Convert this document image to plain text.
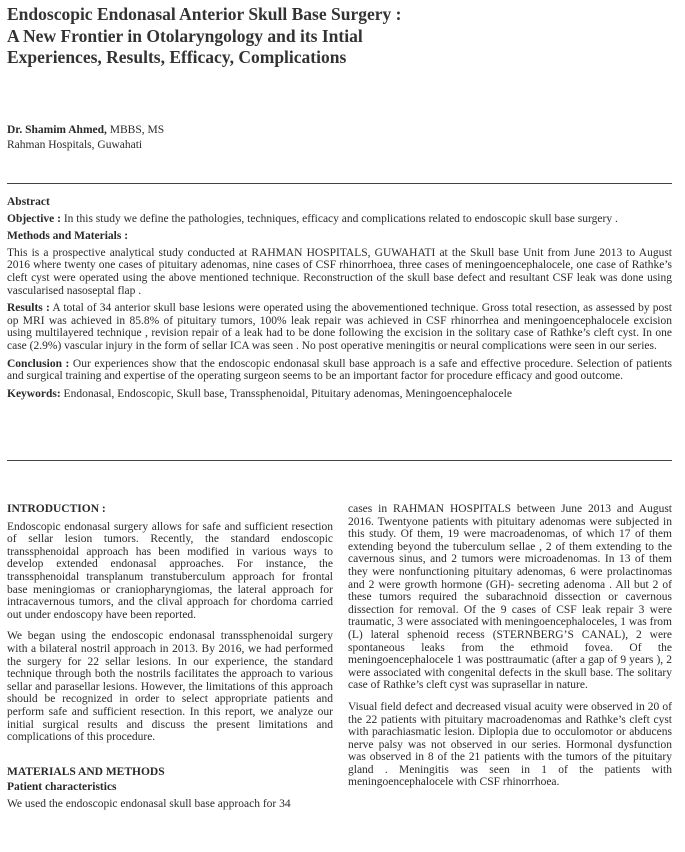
Endoscopic Endonasal Anterior Skull Base Surgery : A New Frontier in Otolaryngology and its Intial Experiences, Results, Efficacy, Complications
Dr. Shamim Ahmed, MBBS, MS
Rahman Hospitals, Guwahati

Abstract

Objective : In this study we define the pathologies, techniques, efficacy and complications related to endoscopic skull base surgery .

Methods and Materials :

This is a prospective analytical study conducted at RAHMAN HOSPITALS, GUWAHATI at the Skull base Unit from June 2013 to August 2016 where twenty one cases of pituitary adenomas, nine cases of CSF rhinorrhoea, three cases of meningoencephalocele, one case of Rathke’s cleft cyst were operated using the above mentioned technique. Reconstruction of the skull base defect and resultant CSF leak was done using vascularised nasoseptal flap .

Results : A total of 34 anterior skull base lesions were operated using the abovementioned technique. Gross total resection, as assessed by post op MRI was achieved in 85.8% of pituitary tumors, 100% leak repair was achieved in CSF rhinorrhea and meningoencephalocele excision using multilayered technique , revision repair of a leak had to be done following the excision in the solitary case of Rathke’s cleft cyst. In one case (2.9%) vascular injury in the form of sellar ICA was seen . No post operative meningitis or neural complications were seen in our series.

Conclusion : Our experiences show that the endoscopic endonasal skull base approach is a safe and effective procedure. Selection of patients and surgical training and expertise of the operating surgeon seems to be an important factor for procedure efficacy and good outcome.

Keywords: Endonasal, Endoscopic, Skull base, Transsphenoidal, Pituitary adenomas, Meningoencephalocele

INTRODUCTION :

Endoscopic endonasal surgery allows for safe and sufficient resection of sellar lesion tumors. Recently, the standard endoscopic transsphenoidal approach has been modified in various ways to develop extended endonasal approaches. For instance, the transsphenoidal transplanum transtuberculum approach for frontal base meningiomas or craniopharyngiomas, the lateral approach for intracavernous tumors, and the clival approach for chordoma carried out under endoscopy have been reported.

We began using the endoscopic endonasal transsphenoidal surgery with a bilateral nostril approach in 2013. By 2016, we had performed the surgery for 22 sellar lesions. In our experience, the standard technique through both the nostrils facilitates the approach to various sellar and parasellar lesions. However, the limitations of this approach should be recognized in order to select appropriate patients and perform safe and sufficient resection. In this report, we analyze our initial surgical results and discuss the present limitations and complications of this procedure.

MATERIALS AND METHODS

Patient characteristics

We used the endoscopic endonasal skull base approach for 34

cases in RAHMAN HOSPITALS between June 2013 and August 2016. Twentyone patients with pituitary adenomas were subjected in this study. Of them, 19 were macroadenomas, of which 17 of them extending beyond the tuberculum sellae , 2 of them extending to the cavernous sinus, and 2 tumors were microadenomas. In 13 of them they were nonfunctioning pituitary adenomas, 6 were prolactinomas and 2 were growth hormone (GH)- secreting adenoma . All but 2 of these tumors required the subarachnoid dissection or cavernous dissection for removal. Of the 9 cases of CSF leak repair 3 were traumatic, 3 were associated with meningoencephaloceles, 1 was from (L) lateral sphenoid recess (STERNBERG’S CANAL), 2 were spontaneous leaks from the ethmoid fovea. Of the meningoencephalocele 1 was posttraumatic (after a gap of 9 years ), 2 were associated with congenital defects in the skull base. The solitary case of Rathke’s cleft cyst was suprasellar in nature.

Visual field defect and decreased visual acuity were observed in 20 of the 22 patients with pituitary macroadenomas and Rathke’s cleft cyst with parachiasmatic lesion. Diplopia due to occulomotor or abducens nerve palsy was not observed in our series. Hormonal dysfunction was observed in 8 of the 21 patients with the tumors of the pituitary gland . Meningitis was seen in 1 of the patients with meningoencephalocele with CSF rhinorrhoea.
